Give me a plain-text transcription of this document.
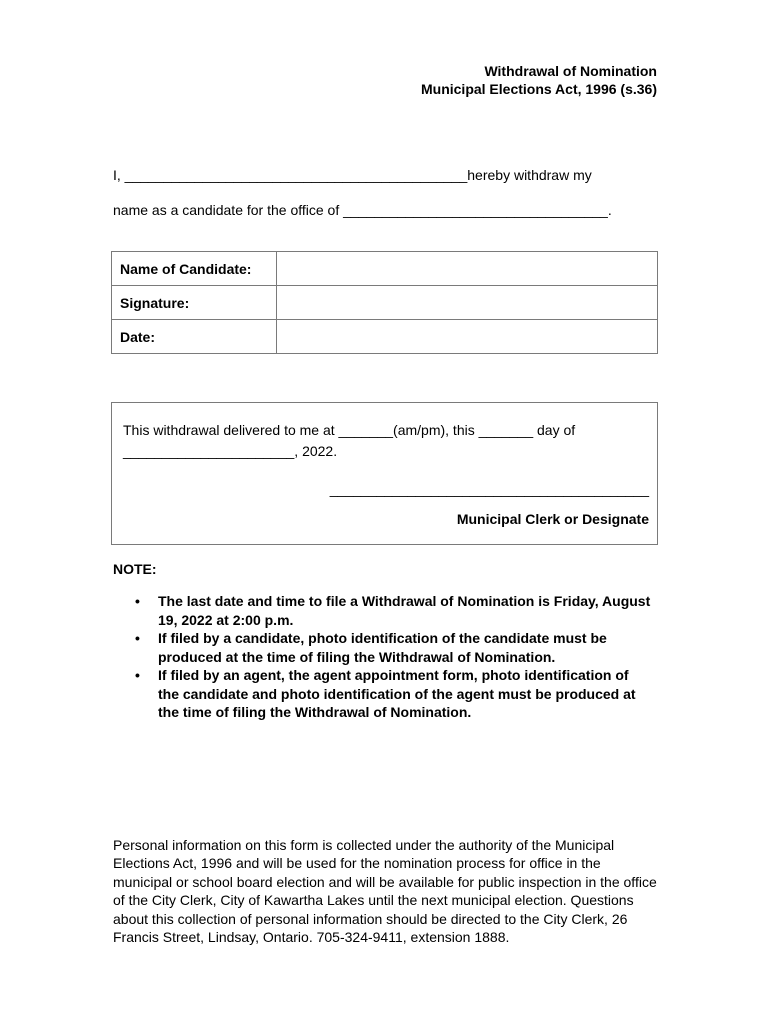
Withdrawal of Nomination
Municipal Elections Act, 1996 (s.36)
I, ____________________________________________hereby withdraw my
name as a candidate for the office of __________________________________.
Name of Candidate:	
Signature:	
Date:	
This withdrawal delivered to me at _______(am/pm), this _______ day of
______________________, 2022.
_________________________________________
Municipal Clerk or Designate
NOTE:
• The last date and time to file a Withdrawal of Nomination is Friday, August 19, 2022 at 2:00 p.m.
• If filed by a candidate, photo identification of the candidate must be produced at the time of filing the Withdrawal of Nomination.
• If filed by an agent, the agent appointment form, photo identification of the candidate and photo identification of the agent must be produced at the time of filing the Withdrawal of Nomination.
Personal information on this form is collected under the authority of the Municipal Elections Act, 1996 and will be used for the nomination process for office in the municipal or school board election and will be available for public inspection in the office of the City Clerk, City of Kawartha Lakes until the next municipal election. Questions about this collection of personal information should be directed to the City Clerk, 26 Francis Street, Lindsay, Ontario. 705-324-9411, extension 1888.
